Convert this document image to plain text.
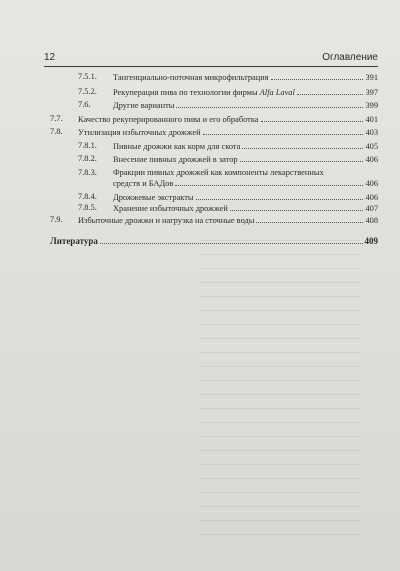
12	Оглавление
7.5.1. Тангенциально-поточная микрофильтрация	391
7.5.2. Рекуперация пива по технологии фирмы Alfa Laval	397
7.6.	Другие варианты	399
7.7. Качество рекуперированного пива и его обработка	401
7.8. Утилизация избыточных дрожжей	403
7.8.1. Пивные дрожжи как корм для скота	405
7.8.2. Внесение пивных дрожжей в затор	406
7.8.3. Фракции пивных дрожжей как компоненты лекарственных
средств и БАДов	406
7.8.4. Дрожжевые экстракты	406
7.8.5. Хранение избыточных дрожжей	407
7.9. Избыточные дрожжи и нагрузка на сточные воды	408
Литература	409
